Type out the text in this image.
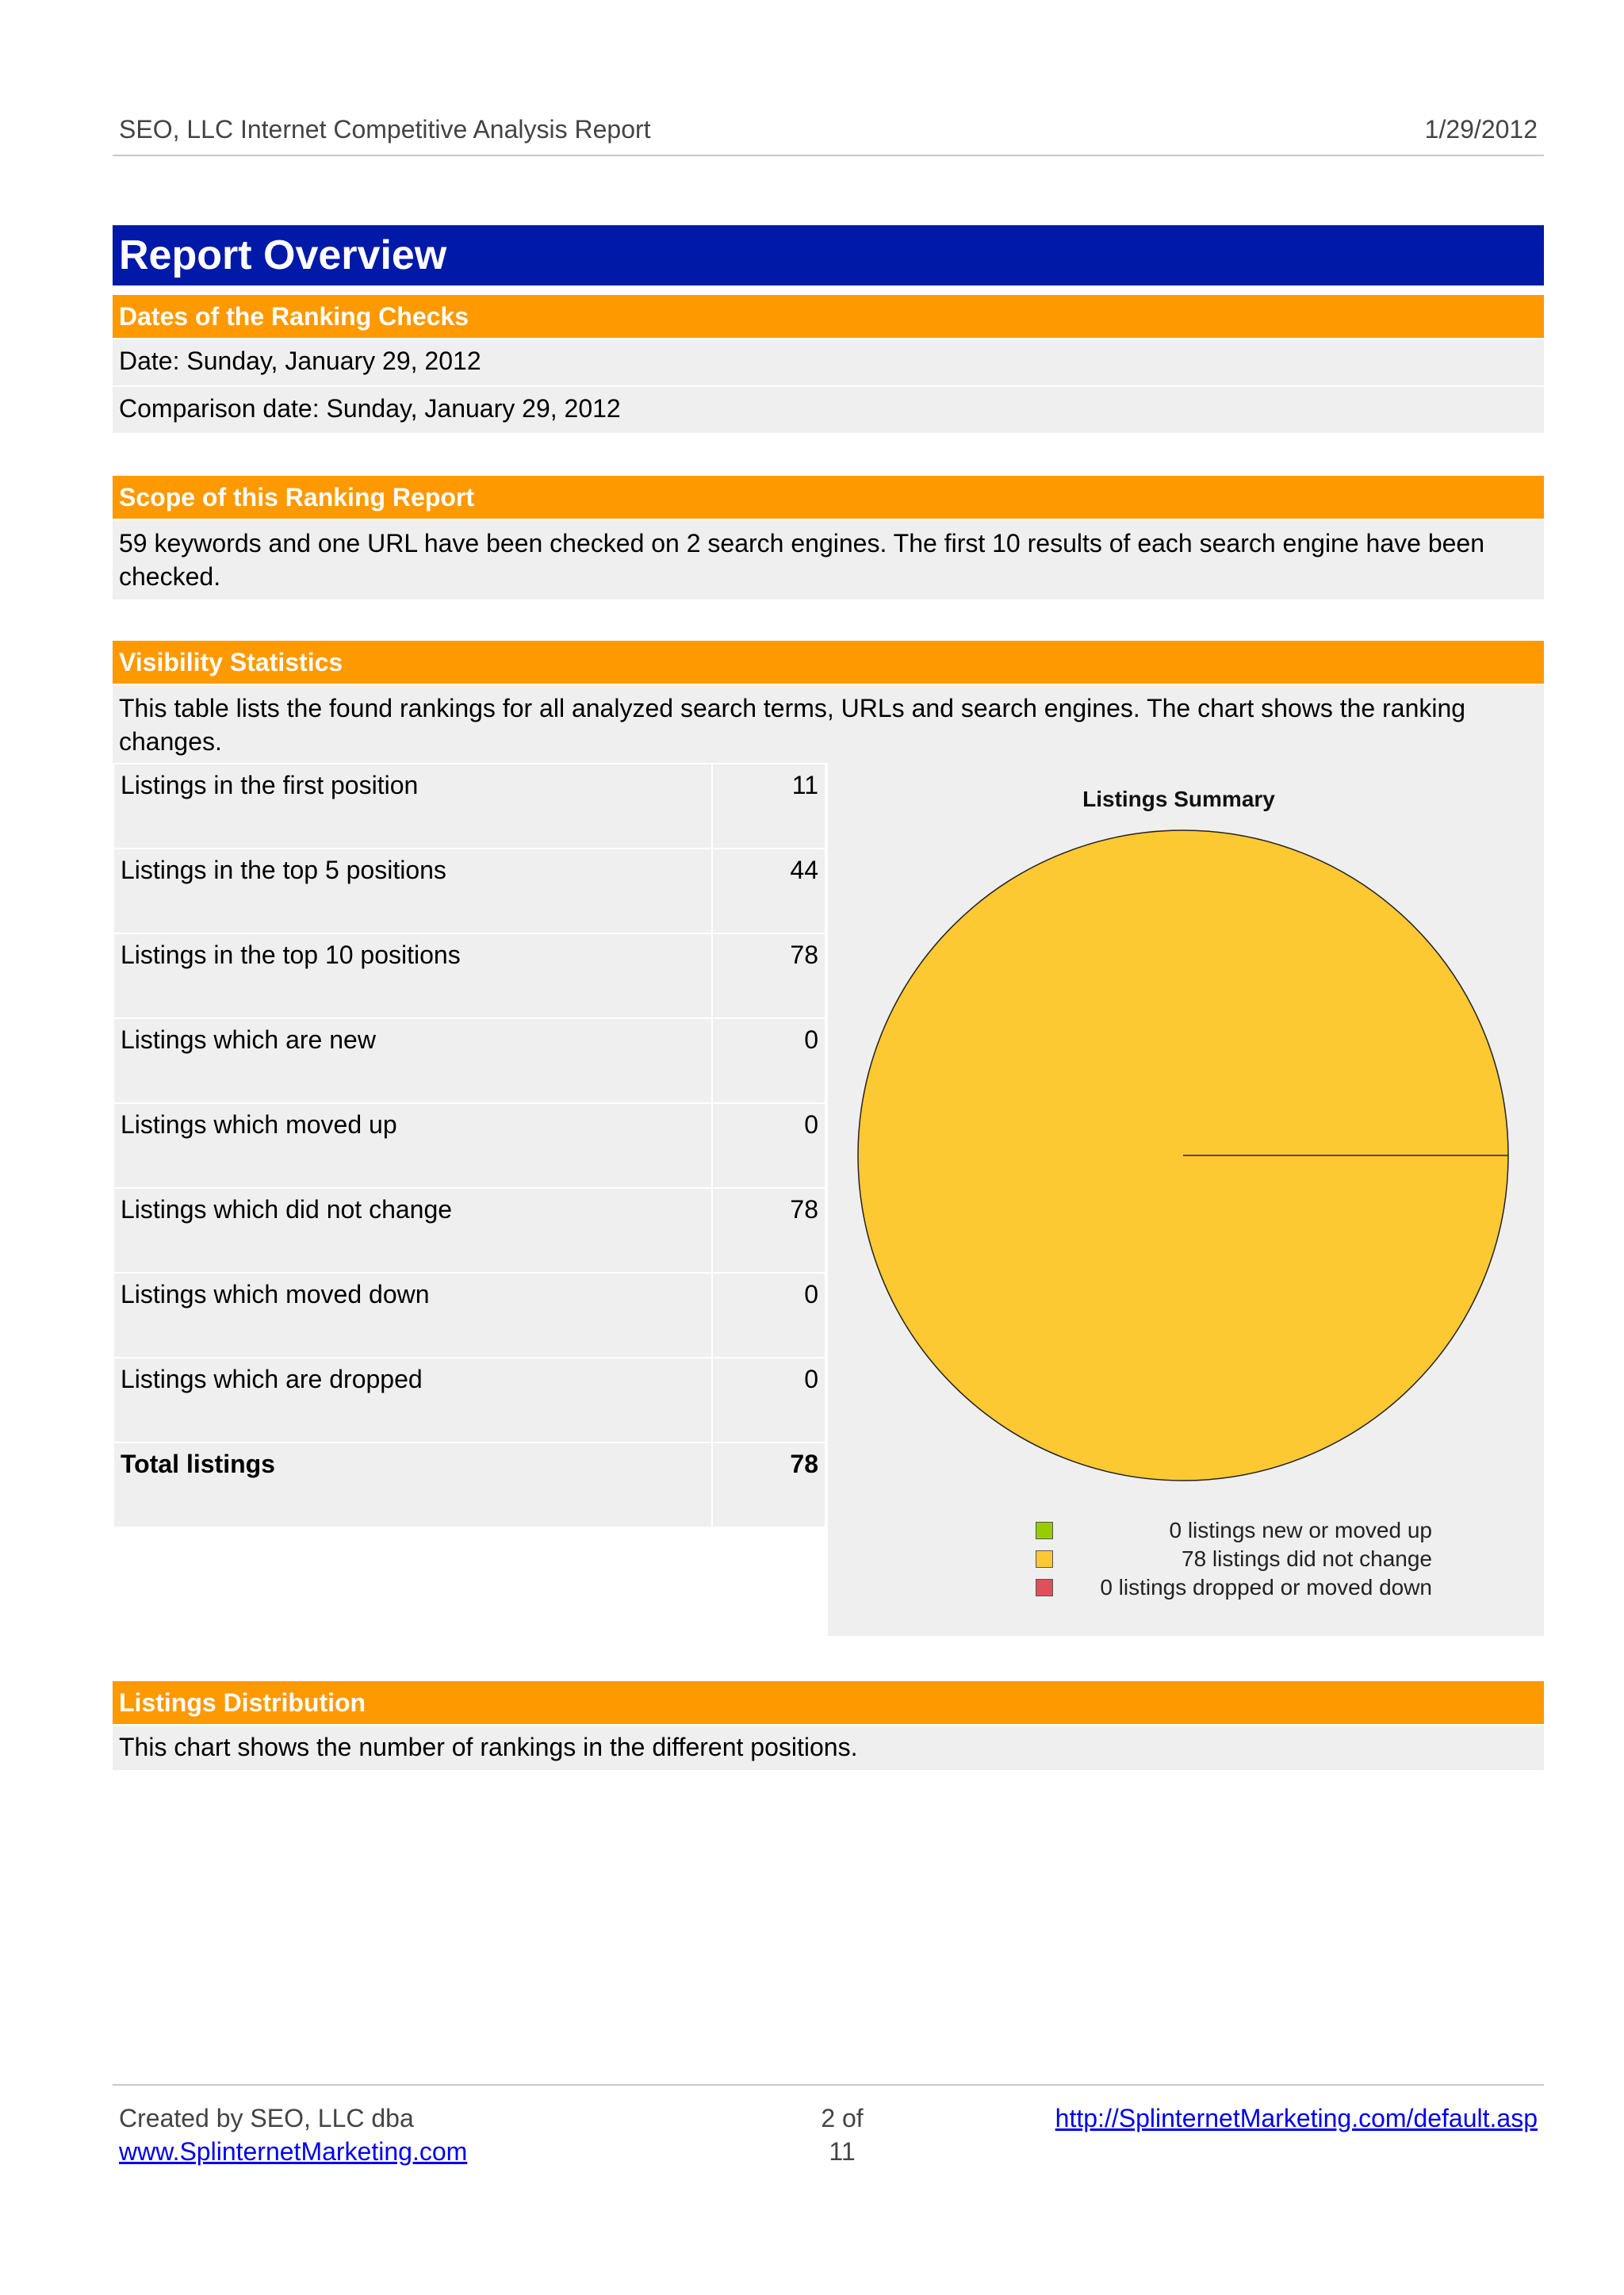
SEO, LLC Internet Competitive Analysis Report	1/29/2012
Report Overview
Dates of the Ranking Checks
Date: Sunday, January 29, 2012
Comparison date: Sunday, January 29, 2012
Scope of this Ranking Report
59 keywords and one URL have been checked on 2 search engines. The first 10 results of each search engine have been checked.
Visibility Statistics
This table lists the found rankings for all analyzed search terms, URLs and search engines. The chart shows the ranking changes.
Listings in the first position	11
Listings in the top 5 positions	44
Listings in the top 10 positions	78
Listings which are new	0
Listings which moved up	0
Listings which did not change	78
Listings which moved down	0
Listings which are dropped	0
Total listings	78
Listings Summary
0 listings new or moved up
78 listings did not change
0 listings dropped or moved down
Listings Distribution
This chart shows the number of rankings in the different positions.
Created by SEO, LLC dba
www.SplinternetMarketing.com
2 of
11
http://SplinternetMarketing.com/default.asp
